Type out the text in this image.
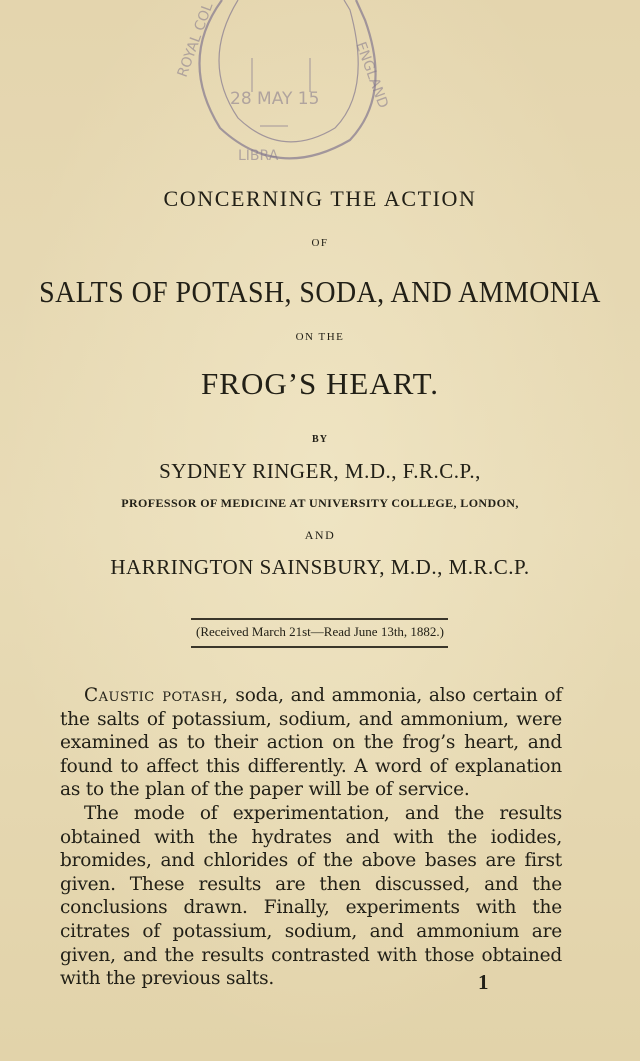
ROYAL COL	ENGLAND
LIBRA
28 MAY 15
CONCERNING THE ACTION
OF
SALTS OF POTASH, SODA, AND AMMONIA
ON THE
FROG’S HEART.
BY
SYDNEY RINGER, M.D., F.R.C.P.,
PROFESSOR OF MEDICINE AT UNIVERSITY COLLEGE, LONDON,
AND
HARRINGTON SAINSBURY, M.D., M.R.C.P.
(Received March 21st—Read June 13th, 1882.)

Caustic potash, soda, and ammonia, also certain of the salts of potassium, sodium, and ammonium, were examined as to their action on the frog’s heart, and found to affect this differently. A word of explanation as to the plan of the paper will be of service.

The mode of experimentation, and the results obtained with the hydrates and with the iodides, bromides, and chlorides of the above bases are first given. These results are then discussed, and the conclusions drawn. Finally, experiments with the citrates of potassium, sodium, and ammonium are given, and the results contrasted with those obtained with the previous salts.	1
